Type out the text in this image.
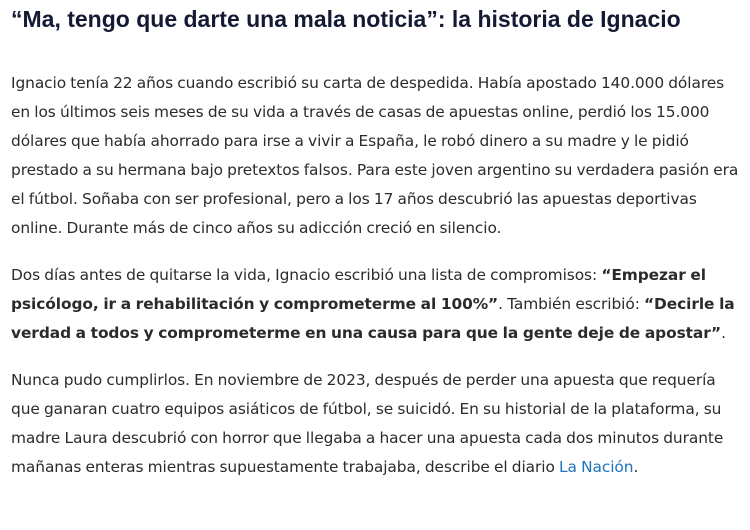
“Ma, tengo que darte una mala noticia”: la historia de Ignacio

Ignacio tenía 22 años cuando escribió su carta de despedida. Había apostado 140.000 dólares en los últimos seis meses de su vida a través de casas de apuestas online, perdió los 15.000 dólares que había ahorrado para irse a vivir a España, le robó dinero a su madre y le pidió prestado a su hermana bajo pretextos falsos. Para este joven argentino su verdadera pasión era el fútbol. Soñaba con ser profesional, pero a los 17 años descubrió las apuestas deportivas online. Durante más de cinco años su adicción creció en silencio.

Dos días antes de quitarse la vida, Ignacio escribió una lista de compromisos: “Empezar el psicólogo, ir a rehabilitación y comprometerme al 100%”. También escribió: “Decirle la verdad a todos y comprometerme en una causa para que la gente deje de apostar”.

Nunca pudo cumplirlos. En noviembre de 2023, después de perder una apuesta que requería que ganaran cuatro equipos asiáticos de fútbol, se suicidó. En su historial de la plataforma, su madre Laura descubrió con horror que llegaba a hacer una apuesta cada dos minutos durante mañanas enteras mientras supuestamente trabajaba, describe el diario La Nación.
